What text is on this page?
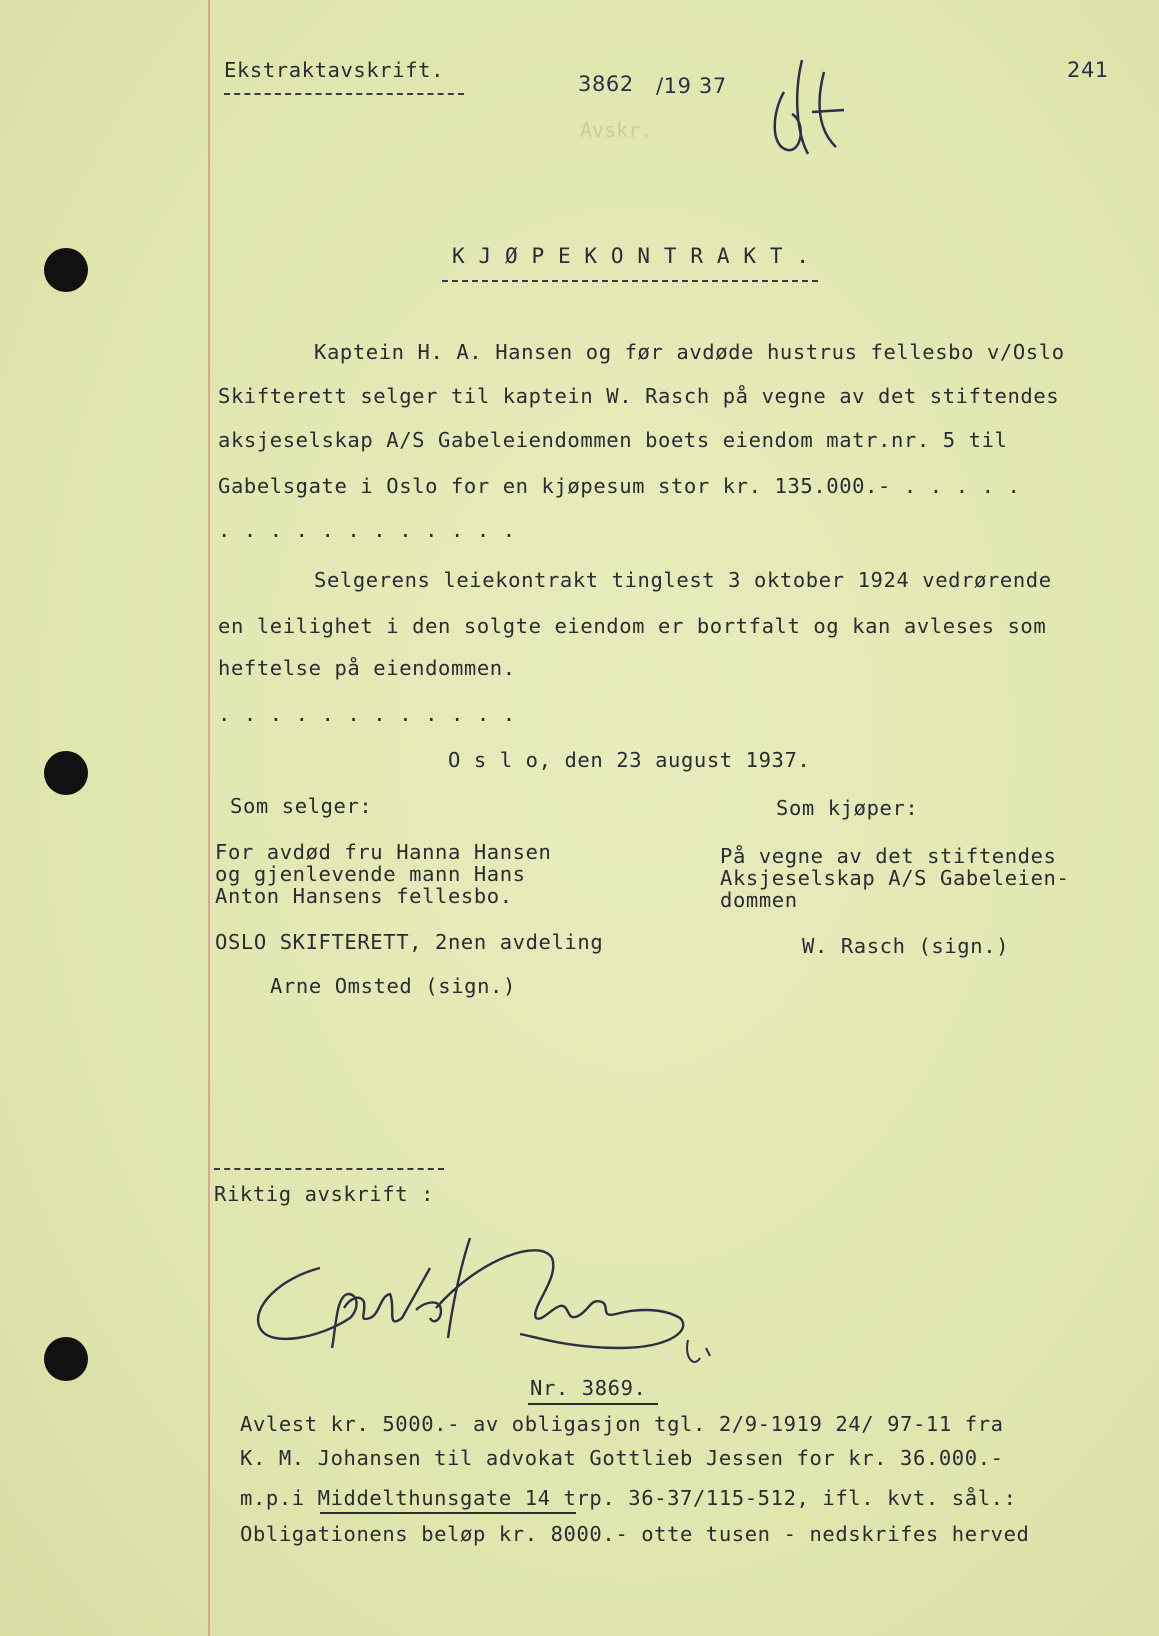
Ekstraktavskrift.
3862 /19 37
Avskr.
241
K J Ø P E K O N T R A K T .
Kaptein H. A. Hansen og før avdøde hustrus fellesbo v/Oslo
Skifterett selger til kaptein W. Rasch på vegne av det stiftendes
aksjeselskap A/S Gabeleiendommen boets eiendom matr.nr. 5 til
Gabelsgate i Oslo for en kjøpesum stor kr. 135.000.- . . . . .
. . . . . . . . . . . .
Selgerens leiekontrakt tinglest 3 oktober 1924 vedrørende
en leilighet i den solgte eiendom er bortfalt og kan avleses som
heftelse på eiendommen.
. . . . . . . . . . . .
O s l o, den 23 august 1937.
Som selger:
For avdød fru Hanna Hansen
og gjenlevende mann Hans
Anton Hansens fellesbo.
OSLO SKIFTERETT, 2nen avdeling
Arne Omsted (sign.)
Som kjøper:
På vegne av det stiftendes
Aksjeselskap A/S Gabeleien-
dommen
W. Rasch (sign.)
Riktig avskrift :
Nr. 3869.
Avlest kr. 5000.- av obligasjon tgl. 2/9-1919 24/ 97-11 fra
K. M. Johansen til advokat Gottlieb Jessen for kr. 36.000.-
m.p.i Middelthunsgate 14 trp. 36-37/115-512, ifl. kvt. sål.:
Obligationens beløp kr. 8000.- otte tusen - nedskrifes herved
